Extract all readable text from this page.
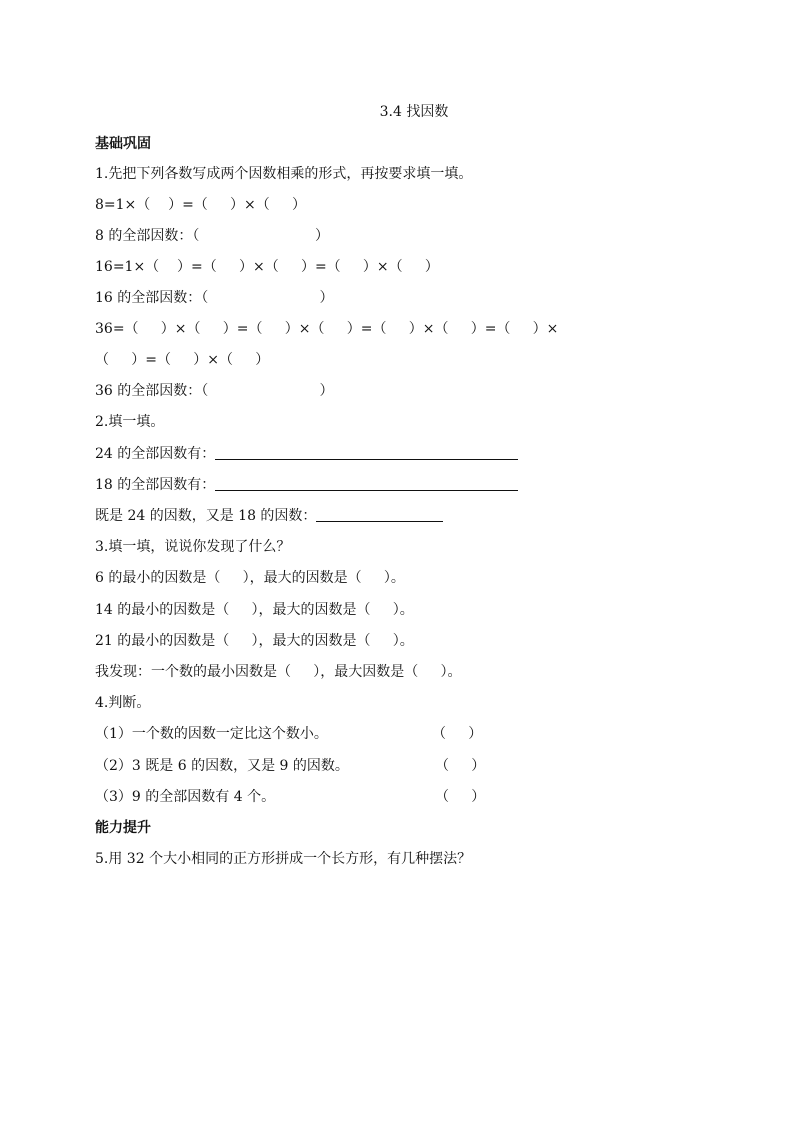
3.4 找因数
基础巩固
1.先把下列各数写成两个因数相乘的形式，再按要求填一填。
8=1×（    ）=（     ）×（     ）
8 的全部因数：（                          ）
16=1×（    ）=（     ）×（     ）=（     ）×（     ）
16 的全部因数：（                         ）
36=（     ）×（     ）=（     ）×（     ）=（     ）×（     ）=（     ）×
（     ）=（     ）×（     ）
36 的全部因数：（                         ）
2.填一填。
24 的全部因数有：
18 的全部因数有：
既是 24 的因数，又是 18 的因数：
3.填一填，说说你发现了什么？
6 的最小的因数是（     ），最大的因数是（     ）。
14 的最小的因数是（     ），最大的因数是（     ）。
21 的最小的因数是（     ），最大的因数是（     ）。
我发现：一个数的最小因数是（     ），最大因数是（     ）。
4.判断。
（1）一个数的因数一定比这个数小。	（     ）
（2）3 既是 6 的因数，又是 9 的因数。	（     ）
（3）9 的全部因数有 4 个。	（     ）
能力提升
5.用 32 个大小相同的正方形拼成一个长方形，有几种摆法？
